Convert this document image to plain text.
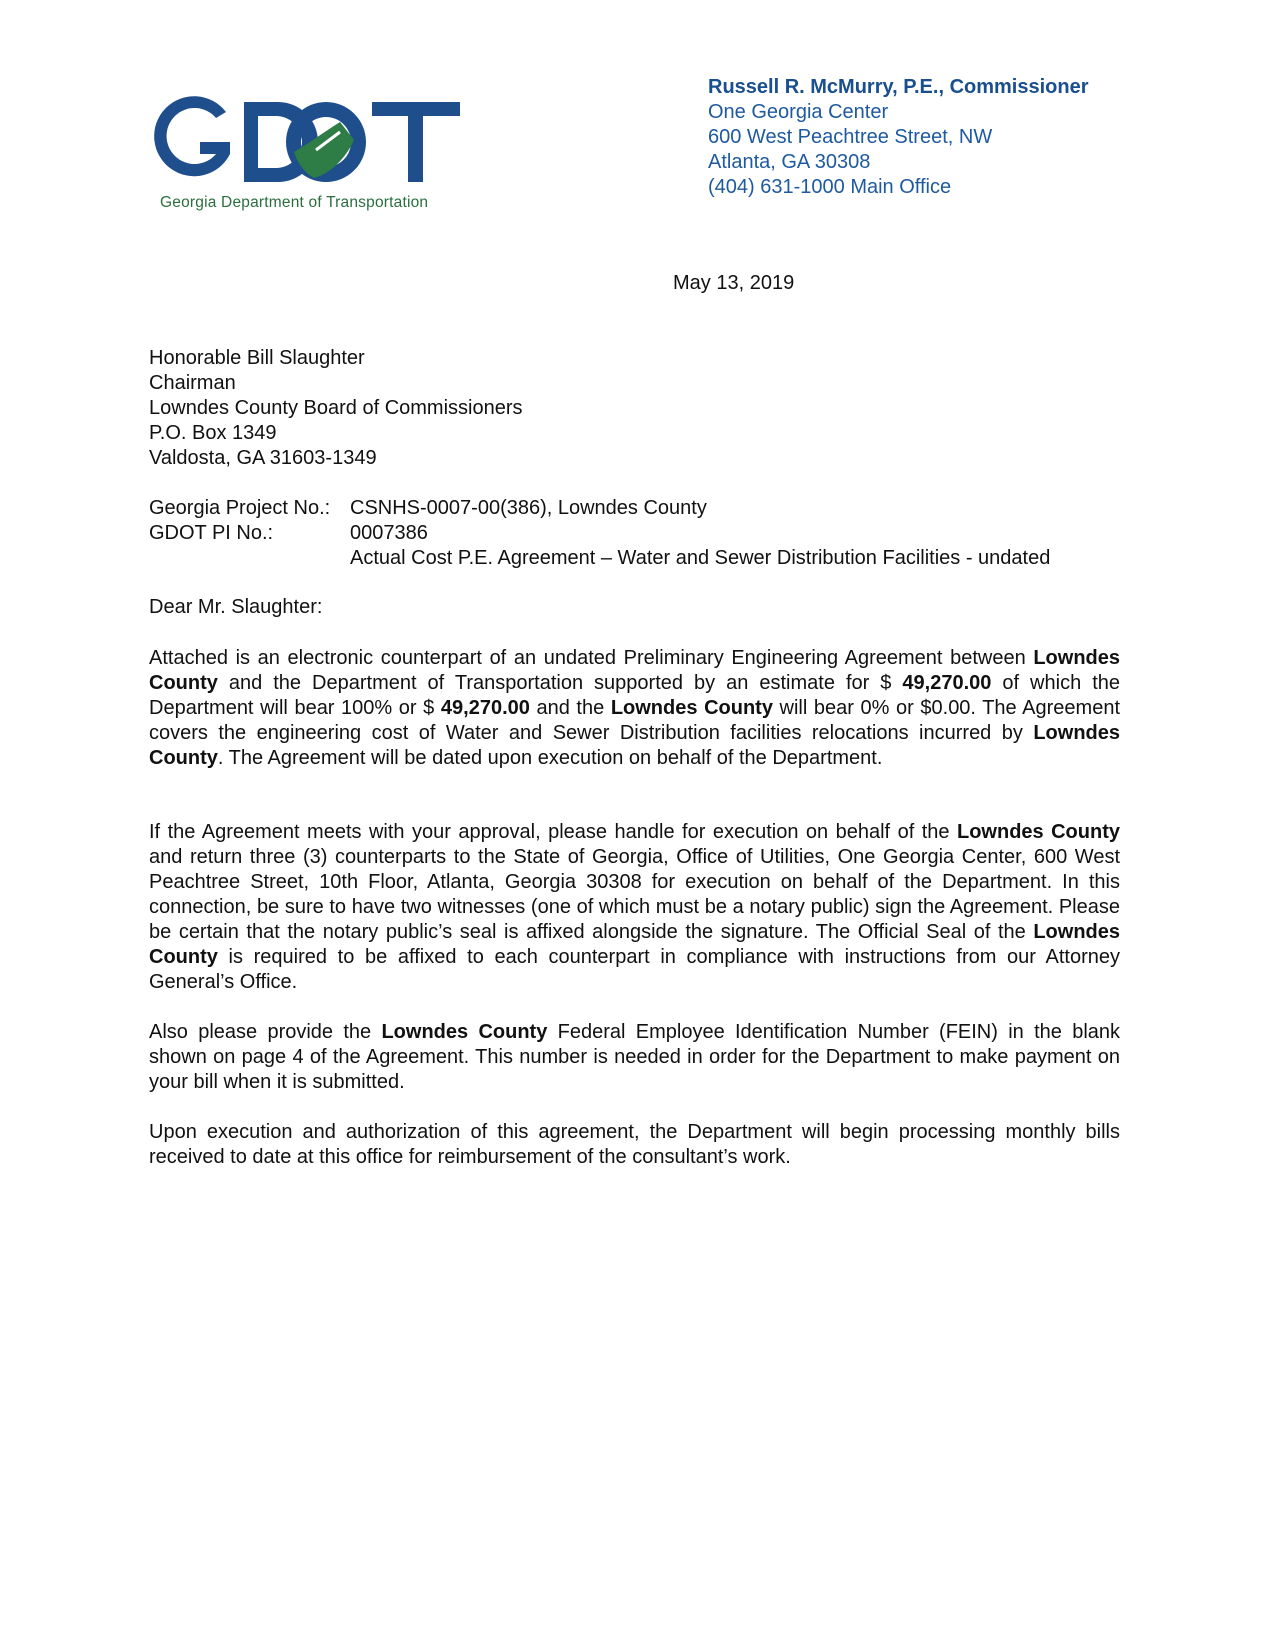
Georgia Department of Transportation
Russell R. McMurry, P.E., Commissioner
One Georgia Center
600 West Peachtree Street, NW
Atlanta, GA 30308
(404) 631-1000 Main Office
May 13, 2019
Honorable Bill Slaughter
Chairman
Lowndes County Board of Commissioners
P.O. Box 1349
Valdosta, GA 31603-1349
Georgia Project No.: CSNHS-0007-00(386), Lowndes County
GDOT PI No.:	0007386
Actual Cost P.E. Agreement – Water and Sewer Distribution Facilities - undated
Dear Mr. Slaughter:

Attached is an electronic counterpart of an undated Preliminary Engineering Agreement between Lowndes County and the Department of Transportation supported by an estimate for $ 49,270.00 of which the Department will bear 100% or $ 49,270.00 and the Lowndes County will bear 0% or $0.00. The Agreement covers the engineering cost of Water and Sewer Distribution facilities relocations incurred by Lowndes County. The Agreement will be dated upon execution on behalf of the Department.

If the Agreement meets with your approval, please handle for execution on behalf of the Lowndes County and return three (3) counterparts to the State of Georgia, Office of Utilities, One Georgia Center, 600 West Peachtree Street, 10th Floor, Atlanta, Georgia 30308 for execution on behalf of the Department. In this connection, be sure to have two witnesses (one of which must be a notary public) sign the Agreement. Please be certain that the notary public’s seal is affixed alongside the signature. The Official Seal of the Lowndes County is required to be affixed to each counterpart in compliance with instructions from our Attorney General’s Office.

Also please provide the Lowndes County Federal Employee Identification Number (FEIN) in the blank shown on page 4 of the Agreement. This number is needed in order for the Department to make payment on your bill when it is submitted.

Upon execution and authorization of this agreement, the Department will begin processing monthly bills received to date at this office for reimbursement of the consultant’s work.
